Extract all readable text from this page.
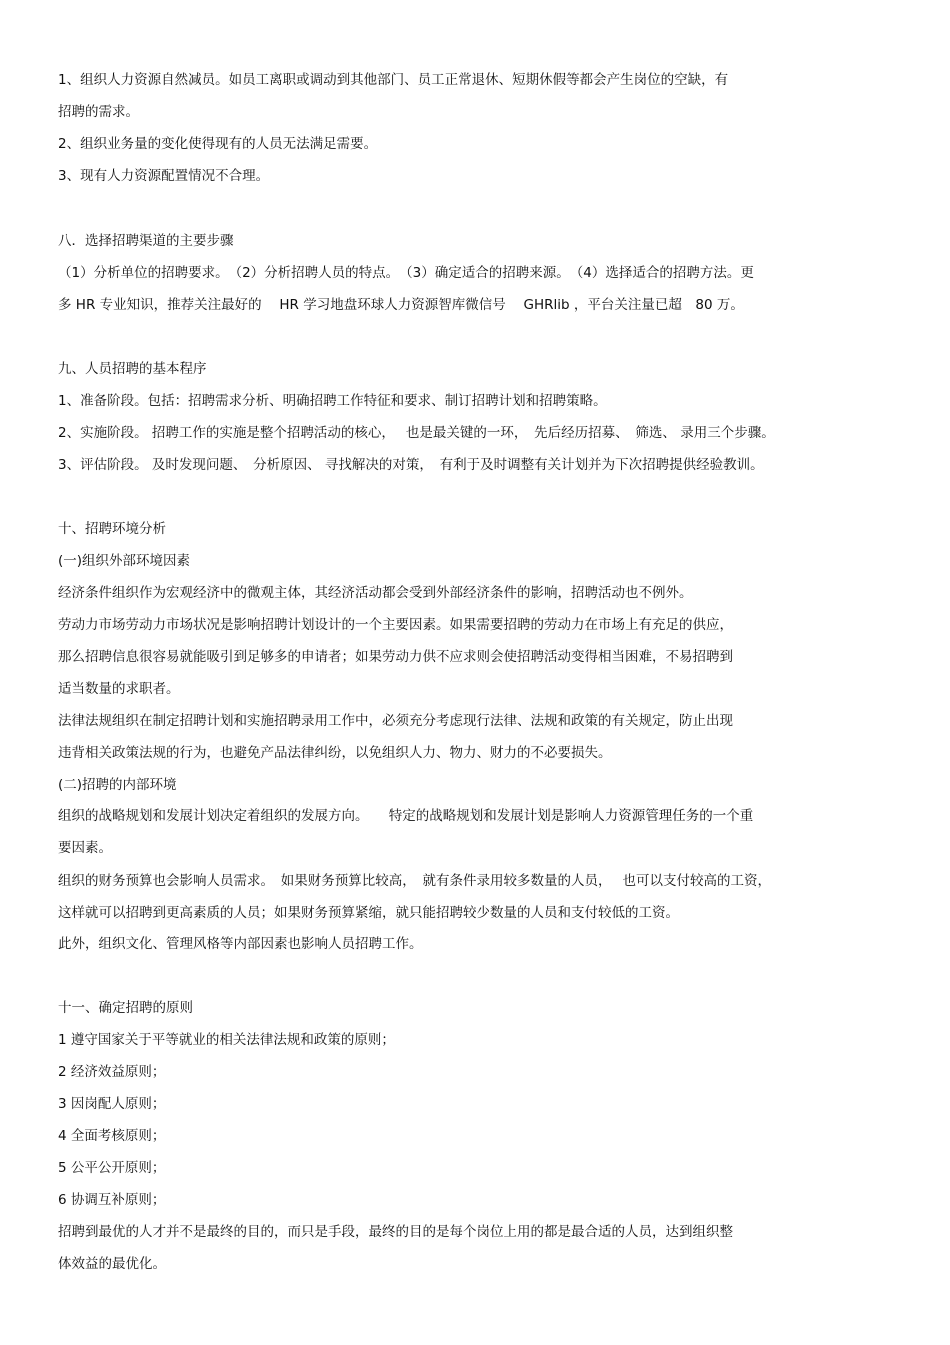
1、组织人力资源自然减员。如员工离职或调动到其他部门、员工正常退休、短期休假等都会产生岗位的空缺，有

招聘的需求。

2、组织业务量的变化使得现有的人员无法满足需要。

3、现有人力资源配置情况不合理。

八．选择招聘渠道的主要步骤

（1）分析单位的招聘要求。　（2）分析招聘人员的特点。　（3）确定适合的招聘来源。　（4）选择适合的招聘方法。更

多 HR 专业知识，推荐关注最好的　 HR 学习地盘环球人力资源智库微信号　 GHRlib ，平台关注量已超　80 万。

九、人员招聘的基本程序

1、准备阶段。包括：招聘需求分析、明确招聘工作特征和要求、制订招聘计划和招聘策略。

2、实施阶段。 招聘工作的实施是整个招聘活动的核心，　 也是最关键的一环，　先后经历招募、　筛选、 录用三个步骤。

3、评估阶段。 及时发现问题、　分析原因、 寻找解决的对策，　有利于及时调整有关计划并为下次招聘提供经验教训。

十、招聘环境分析

(一)组织外部环境因素

经济条件组织作为宏观经济中的微观主体，其经济活动都会受到外部经济条件的影响，招聘活动也不例外。

劳动力市场劳动力市场状况是影响招聘计划设计的一个主要因素。如果需要招聘的劳动力在市场上有充足的供应，

那么招聘信息很容易就能吸引到足够多的申请者；如果劳动力供不应求则会使招聘活动变得相当困难，不易招聘到

适当数量的求职者。

法律法规组织在制定招聘计划和实施招聘录用工作中，必须充分考虑现行法律、法规和政策的有关规定，防止出现

违背相关政策法规的行为，也避免产品法律纠纷，以免组织人力、物力、财力的不必要损失。

(二)招聘的内部环境

组织的战略规划和发展计划决定着组织的发展方向。　　特定的战略规划和发展计划是影响人力资源管理任务的一个重

要因素。

组织的财务预算也会影响人员需求。　如果财务预算比较高，　就有条件录用较多数量的人员，　 也可以支付较高的工资，

这样就可以招聘到更高素质的人员；如果财务预算紧缩，就只能招聘较少数量的人员和支付较低的工资。

此外，组织文化、管理风格等内部因素也影响人员招聘工作。

十一、确定招聘的原则

1 遵守国家关于平等就业的相关法律法规和政策的原则；

2 经济效益原则；

3 因岗配人原则；

4 全面考核原则；

5 公平公开原则；

6 协调互补原则；

招聘到最优的人才并不是最终的目的，而只是手段，最终的目的是每个岗位上用的都是最合适的人员，达到组织整

体效益的最优化。
